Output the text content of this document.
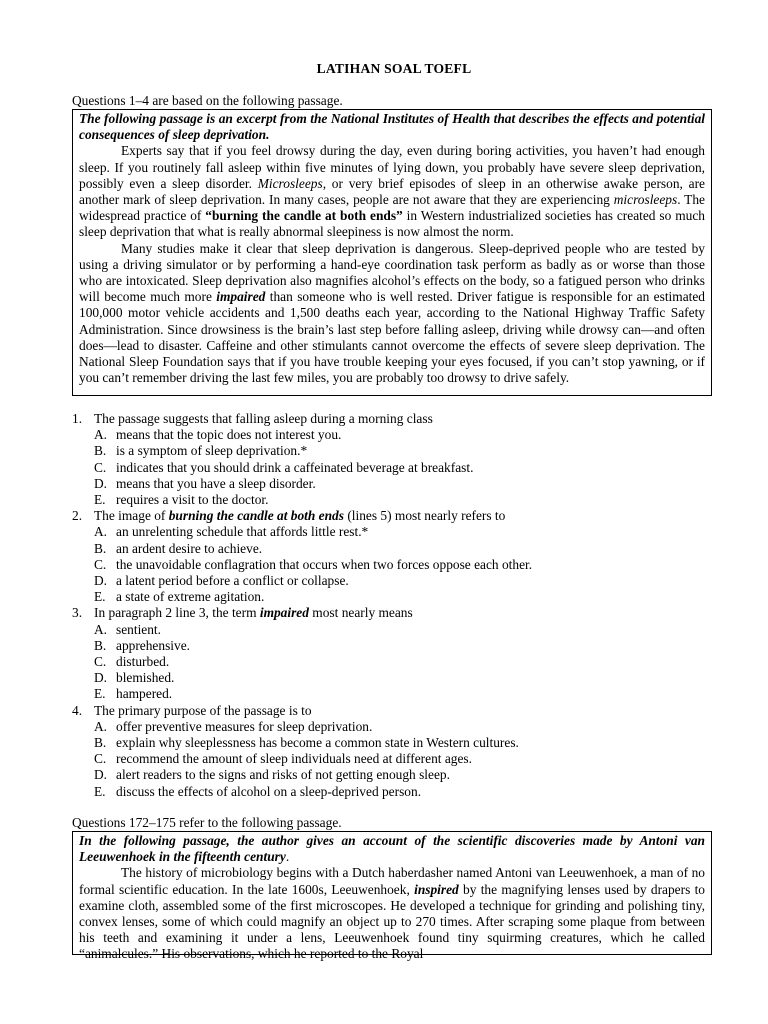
LATIHAN SOAL TOEFL
Questions 1–4 are based on the following passage.

The following passage is an excerpt from the National Institutes of Health that describes the effects and potential consequences of sleep deprivation.

Experts say that if you feel drowsy during the day, even during boring activities, you haven’t had enough sleep. If you routinely fall asleep within five minutes of lying down, you probably have severe sleep deprivation, possibly even a sleep disorder. Microsleeps, or very brief episodes of sleep in an otherwise awake person, are another mark of sleep deprivation. In many cases, people are not aware that they are experiencing microsleeps. The widespread practice of “burning the candle at both ends” in Western industrialized societies has created so much sleep deprivation that what is really abnormal sleepiness is now almost the norm.

Many studies make it clear that sleep deprivation is dangerous. Sleep-deprived people who are tested by using a driving simulator or by performing a hand-eye coordination task perform as badly as or worse than those who are intoxicated. Sleep deprivation also magnifies alcohol’s effects on the body, so a fatigued person who drinks will become much more impaired than someone who is well rested. Driver fatigue is responsible for an estimated 100,000 motor vehicle accidents and 1,500 deaths each year, according to the National Highway Traffic Safety Administration. Since drowsiness is the brain’s last step before falling asleep, driving while drowsy can—and often does—lead to disaster. Caffeine and other stimulants cannot overcome the effects of severe sleep deprivation. The National Sleep Foundation says that if you have trouble keeping your eyes focused, if you can’t stop yawning, or if you can’t remember driving the last few miles, you are probably too drowsy to drive safely.

1. The passage suggests that falling asleep during a morning class
A. means that the topic does not interest you.
B. is a symptom of sleep deprivation.*
C. indicates that you should drink a caffeinated beverage at breakfast.
D. means that you have a sleep disorder.
E. requires a visit to the doctor.
2. The image of burning the candle at both ends (lines 5) most nearly refers to
A. an unrelenting schedule that affords little rest.*
B. an ardent desire to achieve.
C. the unavoidable conflagration that occurs when two forces oppose each other.
D. a latent period before a conflict or collapse.
E. a state of extreme agitation.
3. In paragraph 2 line 3, the term impaired most nearly means
A. sentient.
B. apprehensive.
C. disturbed.
D. blemished.
E. hampered.
4. The primary purpose of the passage is to
A. offer preventive measures for sleep deprivation.
B. explain why sleeplessness has become a common state in Western cultures.
C. recommend the amount of sleep individuals need at different ages.
D. alert readers to the signs and risks of not getting enough sleep.
E. discuss the effects of alcohol on a sleep-deprived person.
Questions 172–175 refer to the following passage.

In the following passage, the author gives an account of the scientific discoveries made by Antoni van Leeuwenhoek in the fifteenth century.

The history of microbiology begins with a Dutch haberdasher named Antoni van Leeuwenhoek, a man of no formal scientific education. In the late 1600s, Leeuwenhoek, inspired by the magnifying lenses used by drapers to examine cloth, assembled some of the first microscopes. He developed a technique for grinding and polishing tiny, convex lenses, some of which could magnify an object up to 270 times. After scraping some plaque from between his teeth and examining it under a lens, Leeuwenhoek found tiny squirming creatures, which he called “animalcules.” His observations, which he reported to the Royal
